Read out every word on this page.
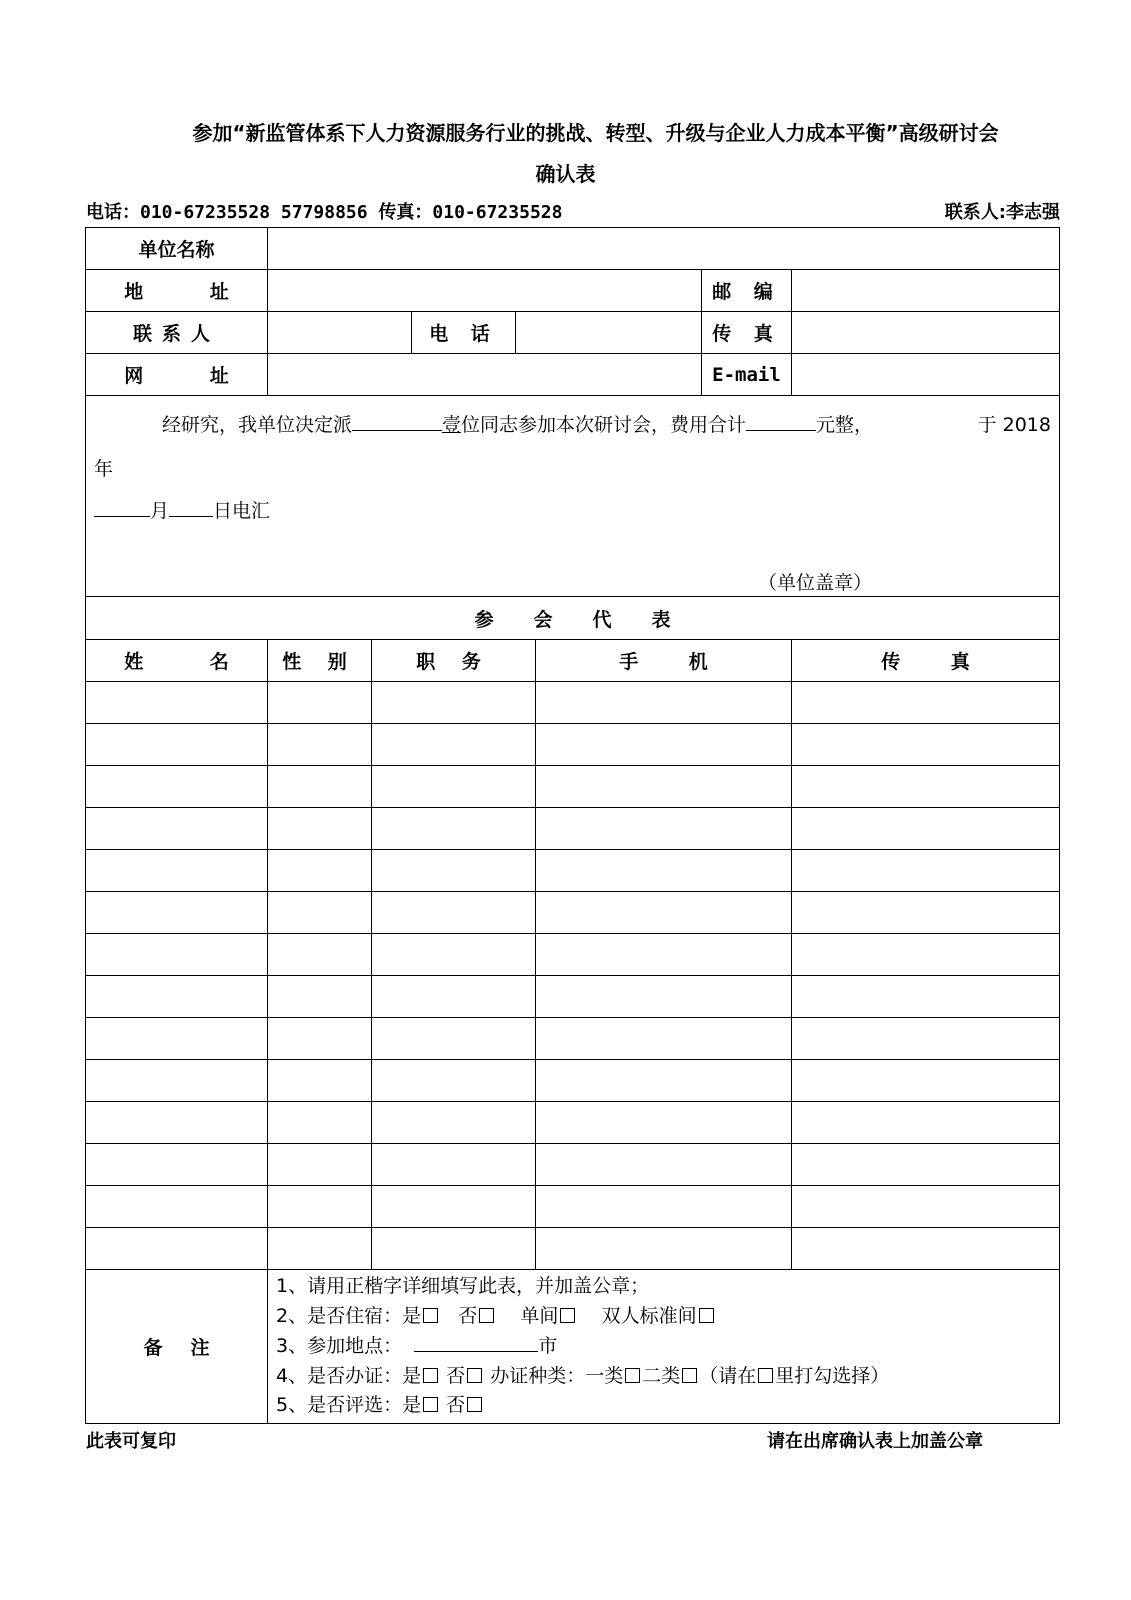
参加“新监管体系下人力资源服务行业的挑战、转型、升级与企业人力成本平衡”高级研讨会
确认表
电话：010-67235528 57798856 传真：010-67235528	联系人:李志强
单位名称							
地 址						邮 编	
联系人			电 话			传 真	
网 址						E-mail	

经研究，我单位决定派 壹位同志参加本次研讨会，费用合计 元整， 于 2018
年
月 日电汇
（单位盖章）							

参会代表							
姓 名	性 别	职 务			手 机		传 真

备注	1、请用正楷字详细填写此表，并加盖公章；
2、是否住宿：是 否 单间 双人标准间
3、参加地点： 市
4、是否办证：是 否 办证种类：一类 二类 （请在 里打勾选择）
5、是否评选：是 否						
此表可复印	请在出席确认表上加盖公章
